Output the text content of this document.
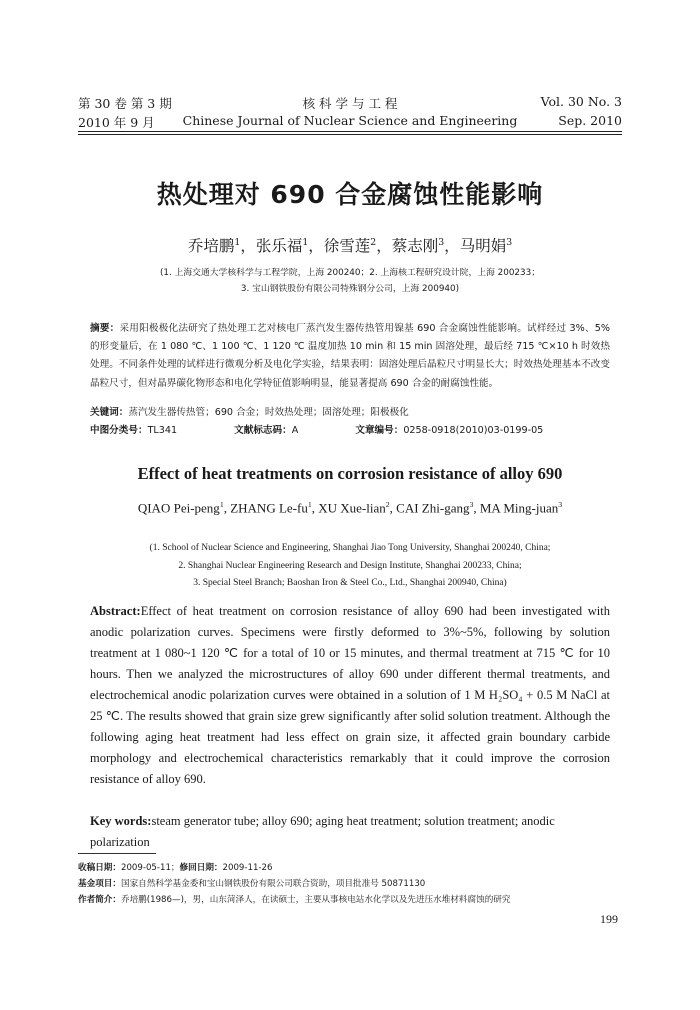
第 30 卷 第 3 期
2010 年 9 月
核 科 学 与 工 程
Chinese Journal of Nuclear Science and Engineering
Vol. 30 No. 3
Sep. 2010
热处理对 690 合金腐蚀性能影响
乔培鹏$^1$，张乐福$^1$，徐雪莲$^2$，蔡志刚$^3$，马明娟$^3$
(1. 上海交通大学核科学与工程学院，上海 200240；2. 上海核工程研究设计院，上海 200233；
3. 宝山钢铁股份有限公司特殊钢分公司，上海 200940)
摘要：采用阳极极化法研究了热处理工艺对核电厂蒸汽发生器传热管用镍基 690 合金腐蚀性能影响。试样经过 3%、5% 的形变量后，在 1 080 ℃、1 100 ℃、1 120 ℃ 温度加热 10 min 和 15 min 固溶处理，最后经 715 ℃×10 h 时效热处理。不同条件处理的试样进行微观分析及电化学实验，结果表明：固溶处理后晶粒尺寸明显长大；时效热处理基本不改变晶粒尺寸，但对晶界碳化物形态和电化学特征值影响明显，能显著提高 690 合金的耐腐蚀性能。
关键词：蒸汽发生器传热管；690 合金；时效热处理；固溶处理；阳极极化
中图分类号：TL341	文献标志码：A	文章编号：0258-0918(2010)03-0199-05
Effect of heat treatments on corrosion resistance of alloy 690
QIAO Pei-peng$^1$, ZHANG $Le-fu^1$, XU Xue-lian$^2$, CAI Zhi-gang$^3$, MA Ming-juan$^3$
(1. School of Nuclear Science and Engineering, Shanghai Jiao Tong University, Shanghai 200240, China;
2. Shanghai Nuclear Engineering Research and Design Institute, Shanghai 200233, China;
3. Special Steel Branch; Baoshan Iron & Steel Co., Ltd., Shanghai 200940, China)
Abstract:Effect of heat treatment on corrosion resistance of alloy 690 had been investigated with anodic polarization curves. Specimens were firstly deformed to 3%~5%, following by solution treatment at 1 080~1 120 ℃ for a total of 10 or 15 minutes, and thermal treatment at 715 ℃ for 10 hours. Then we analyzed the microstructures of alloy 690 under different thermal treatments, and electrochemical anodic polarization curves were obtained in a solution of 1 M H₂SO₄ + 0.5 M NaCl at 25 ℃. The results showed that grain size grew significantly after solid solution treatment. Although the following aging heat treatment had less effect on grain size, it affected grain boundary carbide morphology and electrochemical characteristics remarkably that it could improve the corrosion resistance of alloy 690.
Key words:steam generator tube; alloy 690; aging heat treatment; solution treatment; anodic polarization
收稿日期：2009-05-11；修回日期：2009-11-26
基金项目：国家自然科学基金委和宝山钢铁股份有限公司联合资助，项目批准号 50871130
作者简介：乔培鹏(1986—)，男，山东菏泽人，在读硕士，主要从事核电站水化学以及先进压水堆材料腐蚀的研究
199
